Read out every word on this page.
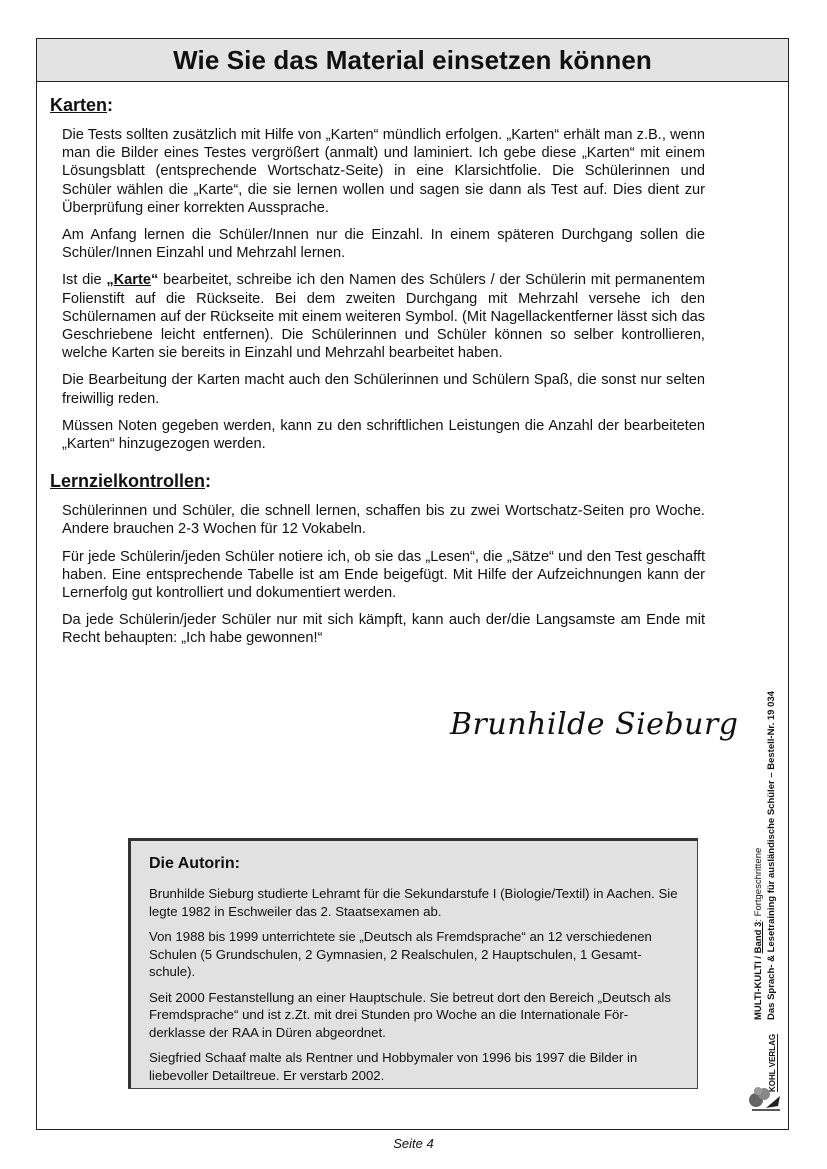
Wie Sie das Material einsetzen können
Karten:

Die Tests sollten zusätzlich mit Hilfe von „Karten“ mündlich erfolgen. „Karten“ erhält man z.B., wenn man die Bilder eines Testes vergrößert (anmalt) und laminiert. Ich gebe diese „Karten“ mit einem Lösungsblatt (entsprechende Wortschatz-Seite) in eine Klarsichtfolie. Die Schülerinnen und Schüler wählen die „Karte“, die sie lernen wollen und sagen sie dann als Test auf. Dies dient zur Überprüfung einer korrekten Aussprache.

Am Anfang lernen die Schüler/Innen nur die Einzahl. In einem späteren Durchgang sollen die Schüler/Innen Einzahl und Mehrzahl lernen.

Ist die „Karte“ bearbeitet, schreibe ich den Namen des Schülers / der Schülerin mit permanentem Folienstift auf die Rückseite. Bei dem zweiten Durchgang mit Mehrzahl versehe ich den Schülernamen auf der Rückseite mit einem weiteren Symbol. (Mit Nagellackentferner lässt sich das Geschriebene leicht entfernen). Die Schülerinnen und Schüler können so selber kontrollieren, welche Karten sie bereits in Einzahl und Mehrzahl bearbeitet haben.

Die Bearbeitung der Karten macht auch den Schülerinnen und Schülern Spaß, die sonst nur selten freiwillig reden.

Müssen Noten gegeben werden, kann zu den schriftlichen Leistungen die Anzahl der bearbeiteten „Karten“ hinzugezogen werden.

Lernzielkontrollen:

Schülerinnen und Schüler, die schnell lernen, schaffen bis zu zwei Wortschatz-Seiten pro Woche. Andere brauchen 2-3 Wochen für 12 Vokabeln.

Für jede Schülerin/jeden Schüler notiere ich, ob sie das „Lesen“, die „Sätze“ und den Test geschafft haben. Eine entsprechende Tabelle ist am Ende beigefügt. Mit Hilfe der Aufzeichnungen kann der Lernerfolg gut kontrolliert und dokumentiert werden.

Da jede Schülerin/jeder Schüler nur mit sich kämpft, kann auch der/die Langsamste am Ende mit Recht behaupten: „Ich habe gewonnen!“

Brunhilde Sieburg
Die Autorin:

Brunhilde Sieburg studierte Lehramt für die Sekundarstufe I (Biologie/Textil) in Aachen. Sie legte 1982 in Eschweiler das 2. Staatsexamen ab.

Von 1988 bis 1999 unterrichtete sie „Deutsch als Fremdsprache“ an 12 verschiedenen Schulen (5 Grundschulen, 2 Gymnasien, 2 Realschulen, 2 Hauptschulen, 1 Gesamtschule).

Seit 2000 Festanstellung an einer Hauptschule. Sie betreut dort den Bereich „Deutsch als Fremdsprache“ und ist z.Zt. mit drei Stunden pro Woche an die Internationale Förderklasse der RAA in Düren abgeordnet.

Siegfried Schaaf malte als Rentner und Hobbymaler von 1996 bis 1997 die Bilder in liebevoller Detailtreue. Er verstarb 2002.

MULTI-KULTI / Band 3: Fortgeschrittene Das Sprach- & Lesetraining für ausländische Schüler – Bestell-Nr. 19 034
KOHL VERLAG
Seite 4
